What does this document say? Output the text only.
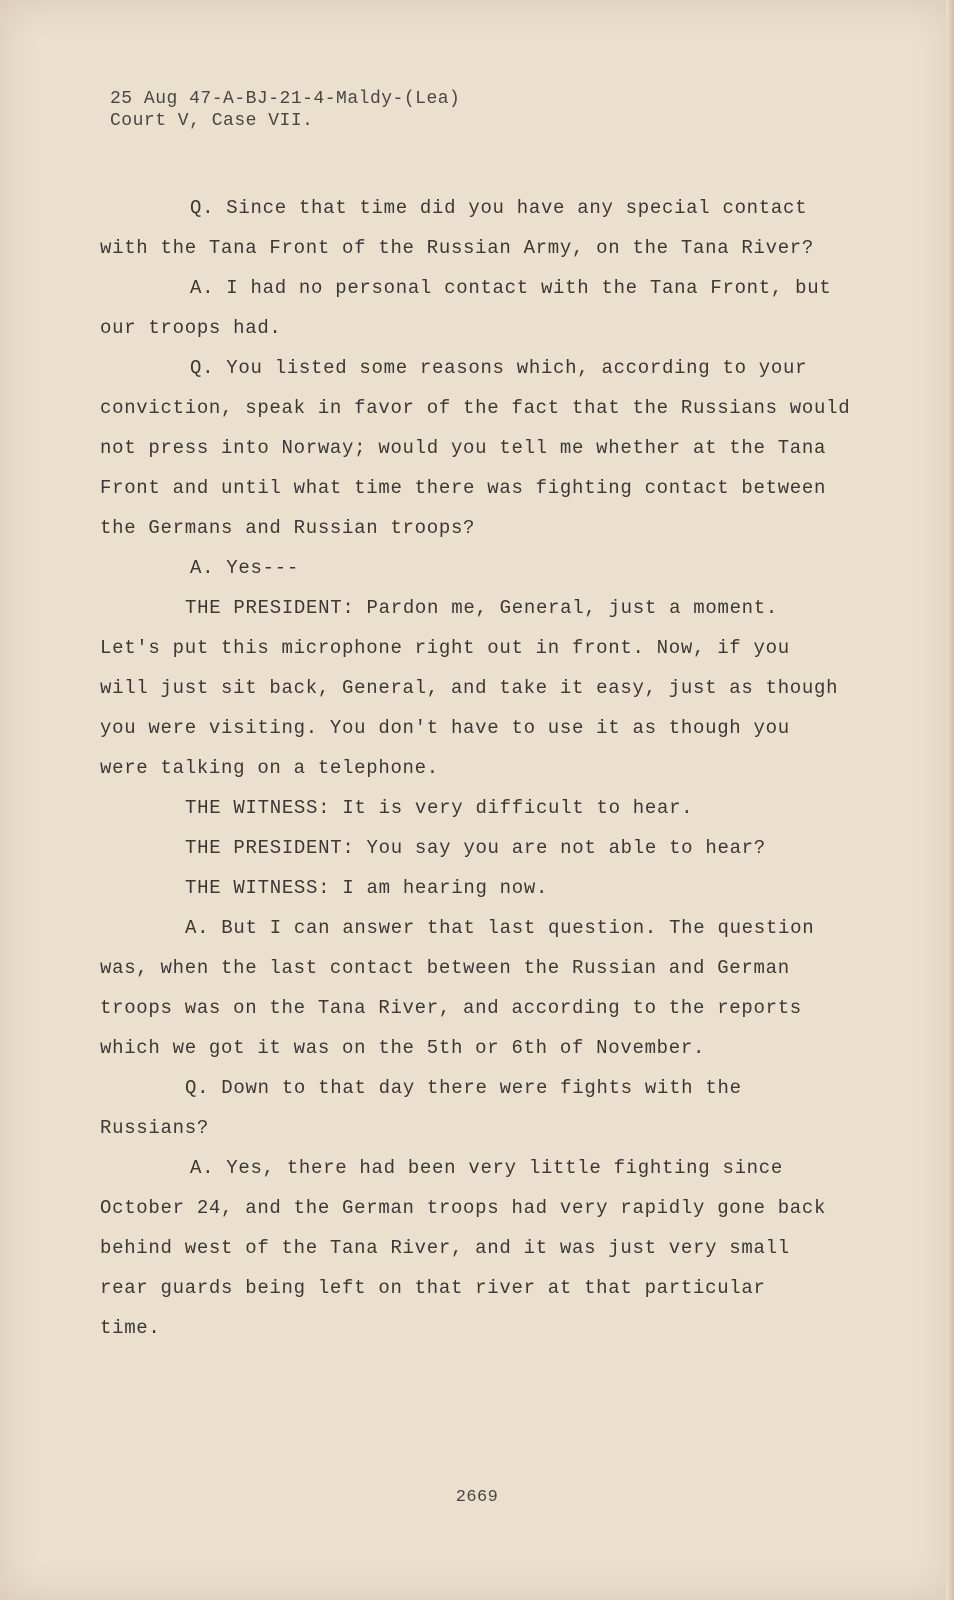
25 Aug 47-A-BJ-21-4-Maldy-(Lea)
Court V, Case VII.
Q. Since that time did you have any special contact
with the Tana Front of the Russian Army, on the Tana River?
A. I had no personal contact with the Tana Front, but
our troops had.
Q. You listed some reasons which, according to your
conviction, speak in favor of the fact that the Russians would
not press into Norway; would you tell me whether at the Tana
Front and until what time there was fighting contact between
the Germans and Russian troops?
A. Yes---
THE PRESIDENT: Pardon me, General, just a moment.
Let's put this microphone right out in front. Now, if you
will just sit back, General, and take it easy, just as though
you were visiting. You don't have to use it as though you
were talking on a telephone.
THE WITNESS: It is very difficult to hear.
THE PRESIDENT: You say you are not able to hear?
THE WITNESS: I am hearing now.
A. But I can answer that last question. The question
was, when the last contact between the Russian and German
troops was on the Tana River, and according to the reports
which we got it was on the 5th or 6th of November.
Q. Down to that day there were fights with the
Russians?
A. Yes, there had been very little fighting since
October 24, and the German troops had very rapidly gone back
behind west of the Tana River, and it was just very small
rear guards being left on that river at that particular
time.
2669
